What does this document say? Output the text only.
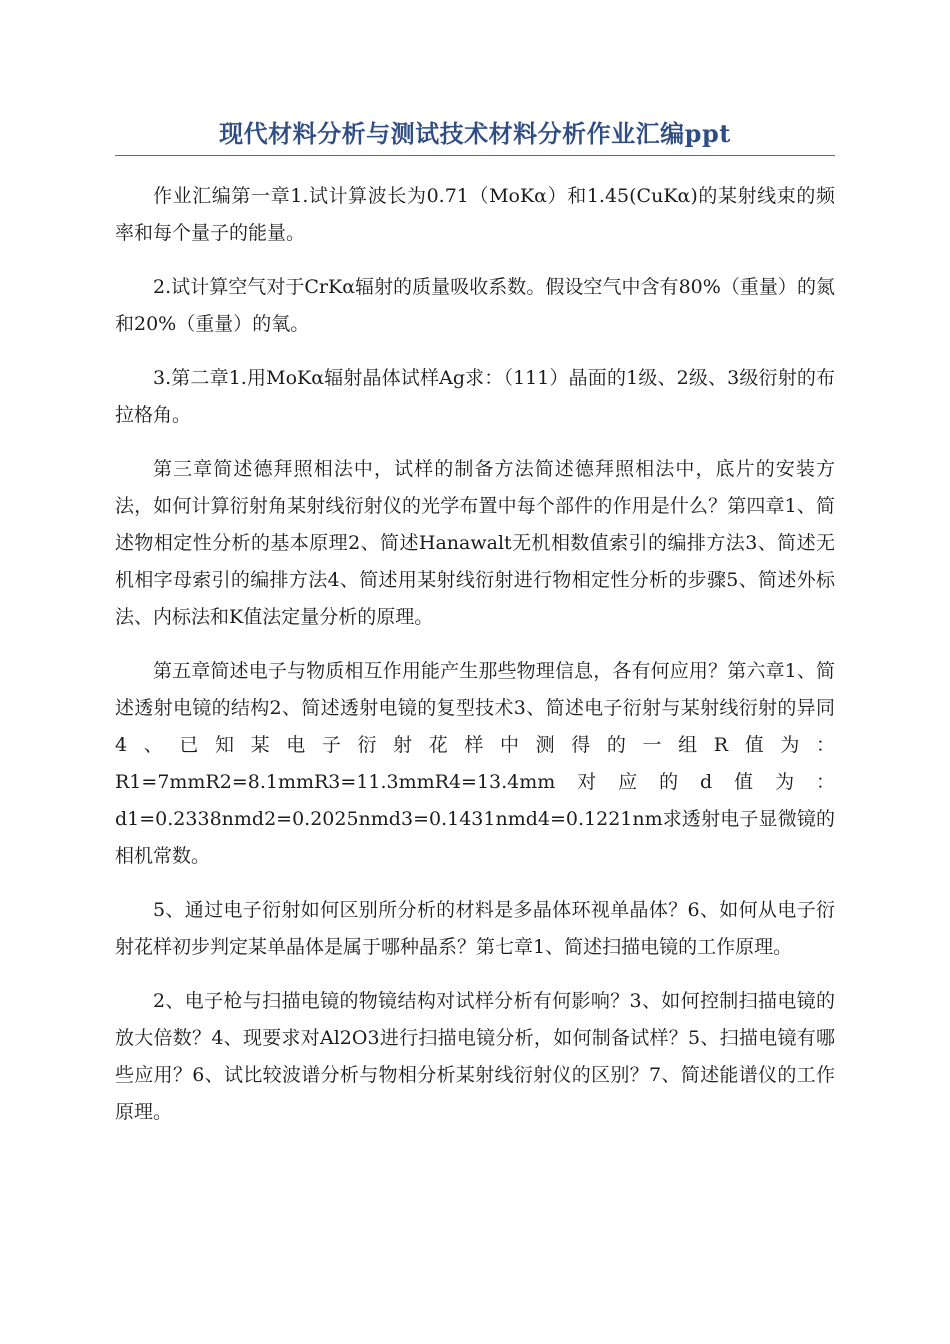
现代材料分析与测试技术材料分析作业汇编ppt

作业汇编第一章1.试计算波长为0.71（MoKα）和1.45(CuKα)的某射线束的频率和每个量子的能量。

2.试计算空气对于CrKα辐射的质量吸收系数。假设空气中含有80%（重量）的氮和20%（重量）的氧。

3.第二章1.用MoKα辐射晶体试样Ag求：（111）晶面的1级、2级、3级衍射的布拉格角。

第三章简述德拜照相法中，试样的制备方法简述德拜照相法中，底片的安装方法，如何计算衍射角某射线衍射仪的光学布置中每个部件的作用是什么？第四章1、简述物相定性分析的基本原理2、简述Hanawalt无机相数值索引的编排方法3、简述无机相字母索引的编排方法4、简述用某射线衍射进行物相定性分析的步骤5、简述外标法、内标法和K值法定量分析的原理。

第五章简述电子与物质相互作用能产生那些物理信息，各有何应用？第六章1、简述透射电镜的结构2、简述透射电镜的复型技术3、简述电子衍射与某射线衍射的异同4、已知某电子衍射花样中测得的一组R值为：R1=7mmR2=8.1mmR3=11.3mmR4=13.4mm对应的d值为：d1=0.2338nmd2=0.2025nmd3=0.1431nmd4=0.1221nm求透射电子显微镜的相机常数。

5、通过电子衍射如何区别所分析的材料是多晶体环视单晶体？6、如何从电子衍射花样初步判定某单晶体是属于哪种晶系？第七章1、简述扫描电镜的工作原理。

2、电子枪与扫描电镜的物镜结构对试样分析有何影响？3、如何控制扫描电镜的放大倍数？4、现要求对Al2O3进行扫描电镜分析，如何制备试样？5、扫描电镜有哪些应用？6、试比较波谱分析与物相分析某射线衍射仪的区别？7、简述能谱仪的工作原理。
